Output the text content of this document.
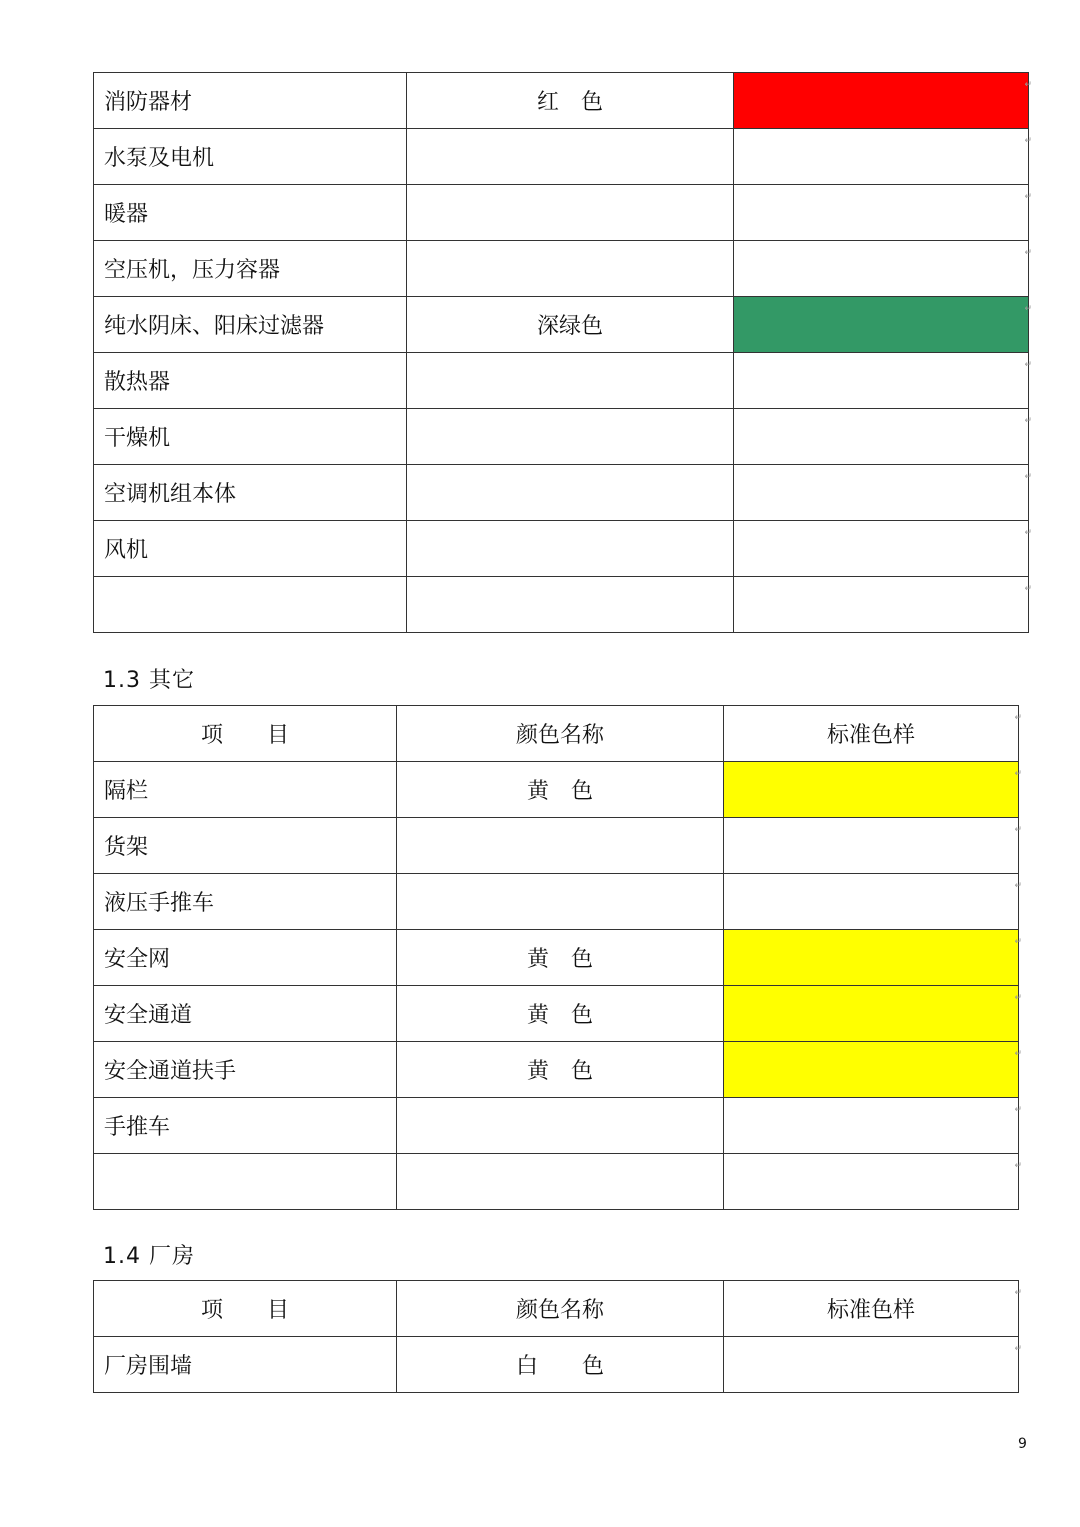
消防器材	红　色	↵

水泵及电机		↵

暖器		↵

空压机，压力容器		↵

纯水阴床、阳床过滤器	深绿色	↵

散热器		↵

干燥机		↵

空调机组本体		↵

风机		↵

		↵
1.3 其它
项　　目	颜色名称	标准色样
↵

隔栏	黄　色	↵

货架		↵

液压手推车		↵

安全网	黄　色	↵

安全通道	黄　色	↵

安全通道扶手	黄　色	↵

手推车		↵

		↵
1.4 厂房
项　　目	颜色名称	标准色样
↵

厂房围墙	白　　色	↵
9
